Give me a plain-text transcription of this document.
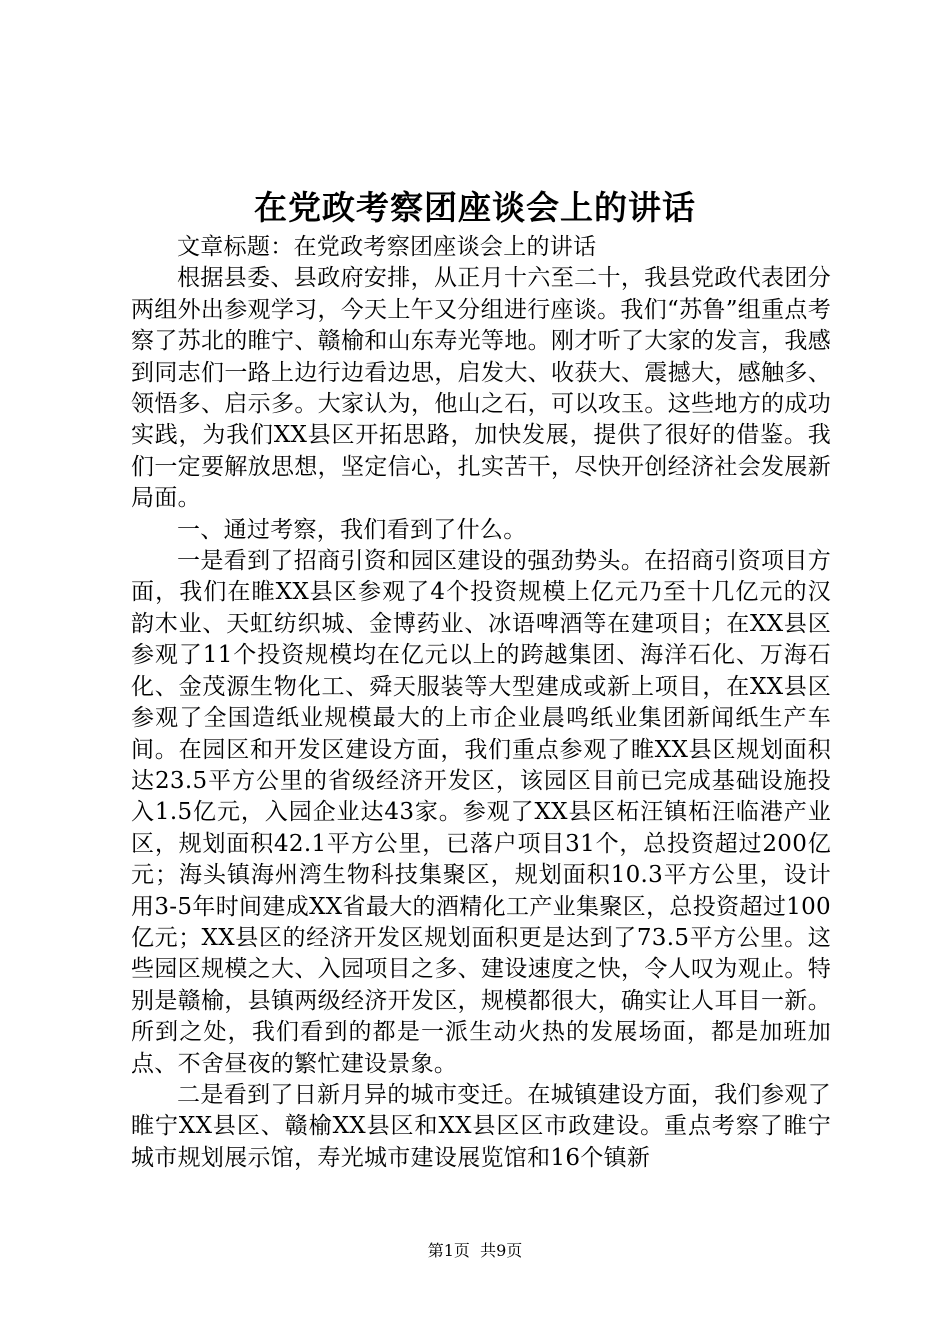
在党政考察团座谈会上的讲话

文章标题：在党政考察团座谈会上的讲话

根据县委、县政府安排，从正月十六至二十，我县党政代表团分两组外出参观学习，今天上午又分组进行座谈。我们“苏鲁”组重点考察了苏北的睢宁、赣榆和山东寿光等地。刚才听了大家的发言，我感到同志们一路上边行边看边思，启发大、收获大、震撼大，感触多、领悟多、启示多。大家认为，他山之石，可以攻玉。这些地方的成功实践，为我们XX县区开拓思路，加快发展，提供了很好的借鉴。我们一定要解放思想，坚定信心，扎实苦干，尽快开创经济社会发展新局面。

一、通过考察，我们看到了什么。

一是看到了招商引资和园区建设的强劲势头。在招商引资项目方面，我们在睢XX县区参观了4个投资规模上亿元乃至十几亿元的汉韵木业、天虹纺织城、金博药业、冰语啤酒等在建项目；在XX县区参观了11个投资规模均在亿元以上的跨越集团、海洋石化、万海石化、金茂源生物化工、舜天服装等大型建成或新上项目，在XX县区参观了全国造纸业规模最大的上市企业晨鸣纸业集团新闻纸生产车间。在园区和开发区建设方面，我们重点参观了睢XX县区规划面积达23.5平方公里的省级经济开发区，该园区目前已完成基础设施投入1.5亿元，入园企业达43家。参观了XX县区柘汪镇柘汪临港产业区，规划面积42.1平方公里，已落户项目31个，总投资超过200亿元；海头镇海州湾生物科技集聚区，规划面积10.3平方公里，设计用3-5年时间建成XX省最大的酒精化工产业集聚区，总投资超过100亿元；XX县区的经济开发区规划面积更是达到了73.5平方公里。这些园区规模之大、入园项目之多、建设速度之快，令人叹为观止。特别是赣榆，县镇两级经济开发区，规模都很大，确实让人耳目一新。所到之处，我们看到的都是一派生动火热的发展场面，都是加班加点、不舍昼夜的繁忙建设景象。

二是看到了日新月异的城市变迁。在城镇建设方面，我们参观了睢宁XX县区、赣榆XX县区和XX县区区市政建设。重点考察了睢宁城市规划展示馆，寿光城市建设展览馆和16个镇新

第1页 共9页
